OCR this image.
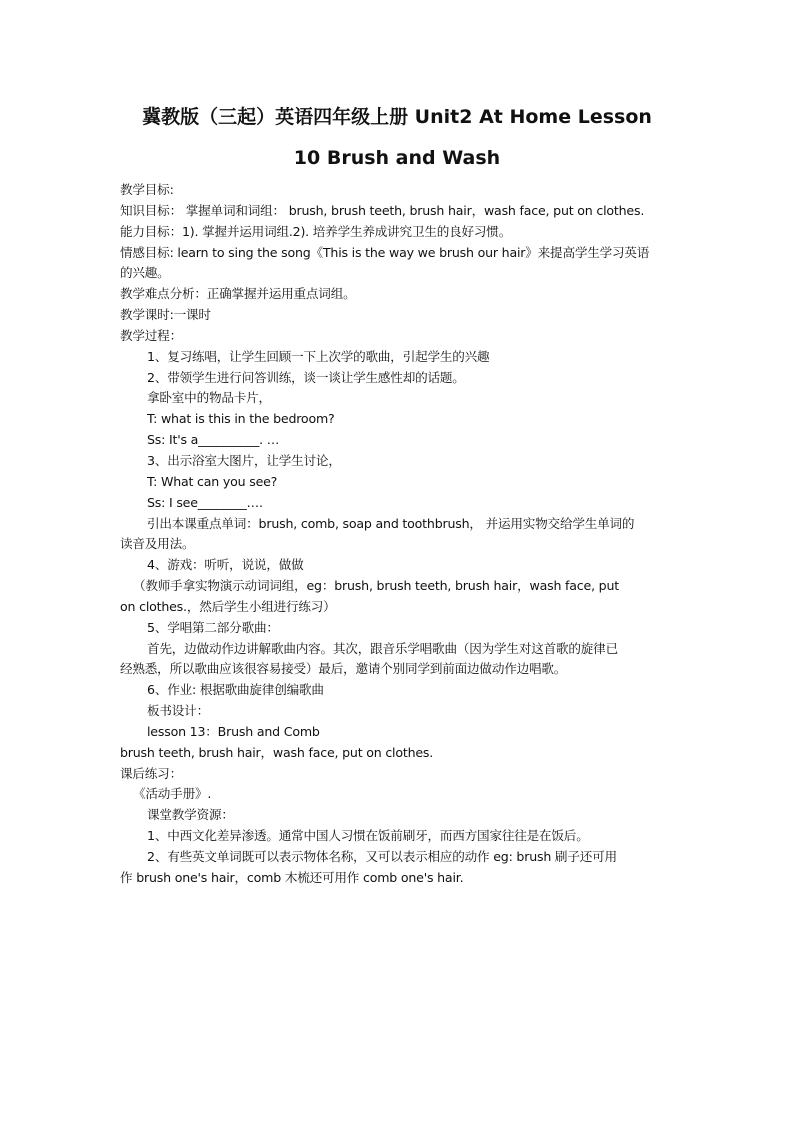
冀教版（三起）英语四年级上册 Unit2 At Home Lesson
10 Brush and Wash
教学目标:
知识目标： 掌握单词和词组： brush, brush teeth, brush hair，wash face, put on clothes.
能力目标：1). 掌握并运用词组.2). 培养学生养成讲究卫生的良好习惯。
情感目标: learn to sing the song《This is the way we brush our hair》来提高学生学习英语
的兴趣。
教学难点分析：正确掌握并运用重点词组。
教学课时:一课时
教学过程：
1、复习练唱，让学生回顾一下上次学的歌曲，引起学生的兴趣
2、带领学生进行问答训练，谈一谈让学生感性却的话题。
拿卧室中的物品卡片，
T: what is this in the bedroom?
Ss: It's a__________. …
3、出示浴室大图片，让学生讨论，
T: What can you see?
Ss: I see________….
引出本课重点单词：brush, comb, soap and toothbrush， 并运用实物交给学生单词的
读音及用法。
4、游戏：听听，说说，做做
（教师手拿实物演示动词词组，eg：brush, brush teeth, brush hair，wash face, put
on clothes.，然后学生小组进行练习）
5、学唱第二部分歌曲：
首先，边做动作边讲解歌曲内容。其次，跟音乐学唱歌曲（因为学生对这首歌的旋律已
经熟悉，所以歌曲应该很容易接受）最后，邀请个别同学到前面边做动作边唱歌。
6、作业: 根据歌曲旋律创编歌曲
板书设计：
lesson 13：Brush and Comb
brush teeth, brush hair，wash face, put on clothes.
课后练习：
《活动手册》.
课堂教学资源：
1、中西文化差异渗透。通常中国人习惯在饭前刷牙，而西方国家往往是在饭后。
2、有些英文单词既可以表示物体名称，又可以表示相应的动作 eg: brush 刷子还可用
作 brush one's hair，comb 木梳还可用作 comb one's hair.
